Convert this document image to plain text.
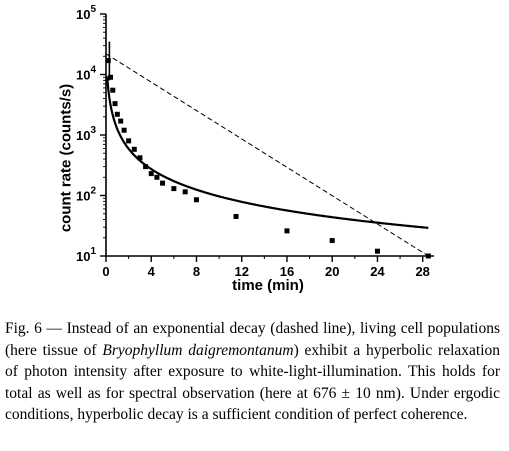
0	4	8	12 16 20 24 28
$10^1$
$10^2$
$10^3$
$10^4$
$10^5$
count rate (counts/s)
time (min)
Fig. 6 — Instead of an exponential decay (dashed line), living cell populations (here tissue of Bryophyllum daigremontanum) exhibit a hyperbolic relaxation of photon intensity after exposure to white-light-illumination. This holds for total as well as for spectral observation (here at 676 ± 10 nm). Under ergodic conditions, hyperbolic decay is a sufficient condition of perfect coherence.
